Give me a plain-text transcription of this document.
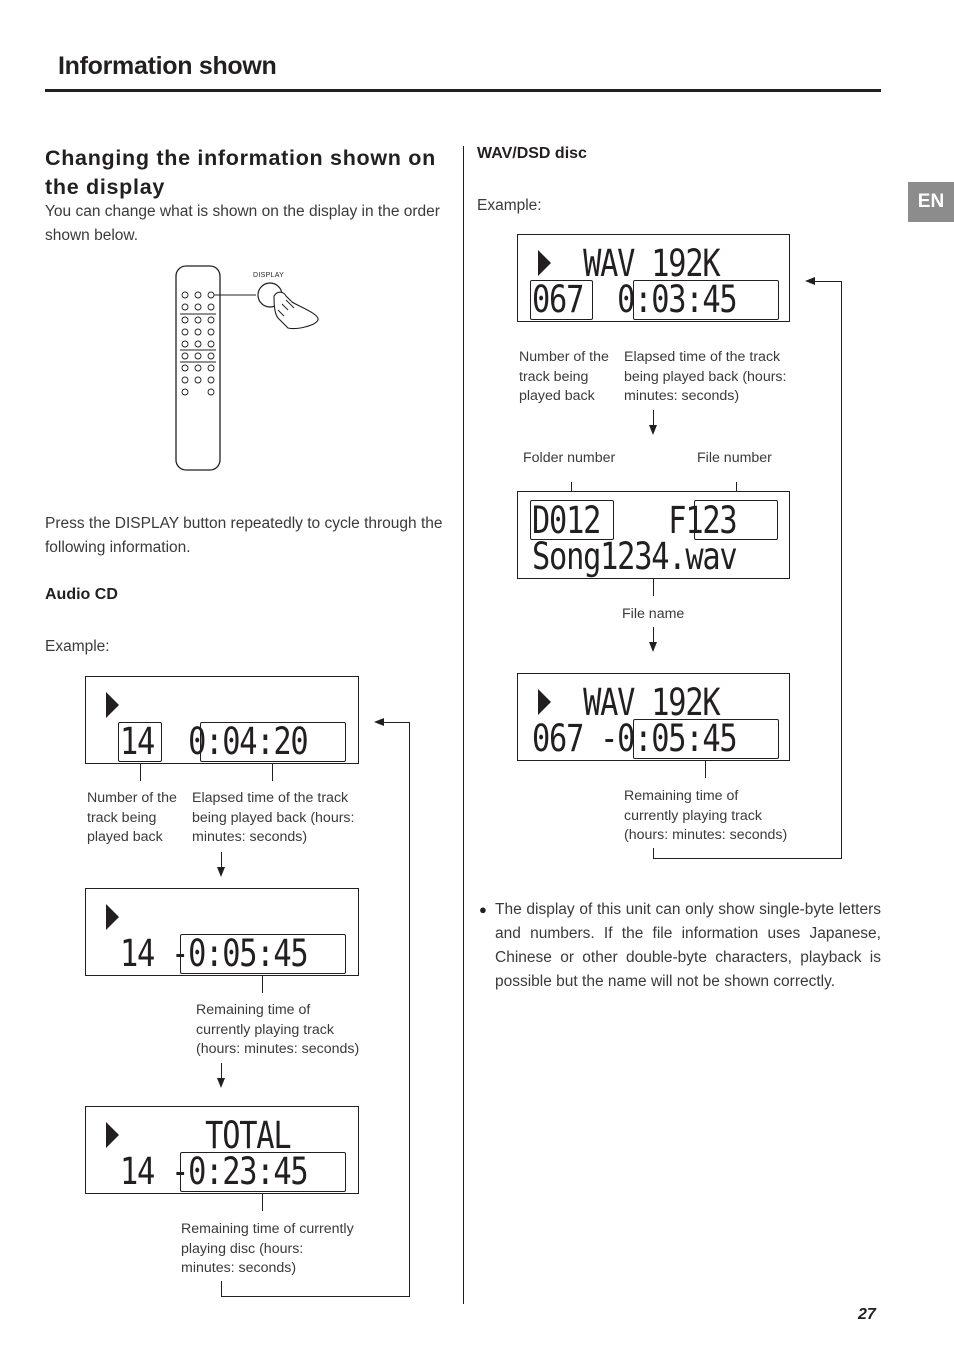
Information shown
EN
Changing the information shown on the display
You can change what is shown on the display in the order shown below.
DISPLAY
Press the DISPLAY button repeatedly to cycle through the following information.
Audio CD
Example:
14  0:04:20
Number of the track being played back
Elapsed time of the track being played back (hours: minutes: seconds)
14 -0:05:45
Remaining time of currently playing track (hours: minutes: seconds)
TOTAL
14 -0:23:45
Remaining time of currently playing disc (hours: minutes: seconds)
WAV/DSD disc
Example:
WAV 192K
067  0:03:45
Number of the track being played back
Elapsed time of the track being played back (hours: minutes: seconds)
Folder number	File number
D012    F123
Song1234.wav
File name
WAV 192K
067 -0:05:45
Remaining time of currently playing track (hours: minutes: seconds)
● The display of this unit can only show single-byte letters and numbers. If the file information uses Japanese, Chinese or other double-byte characters, playback is possible but the name will not be shown correctly.
27
